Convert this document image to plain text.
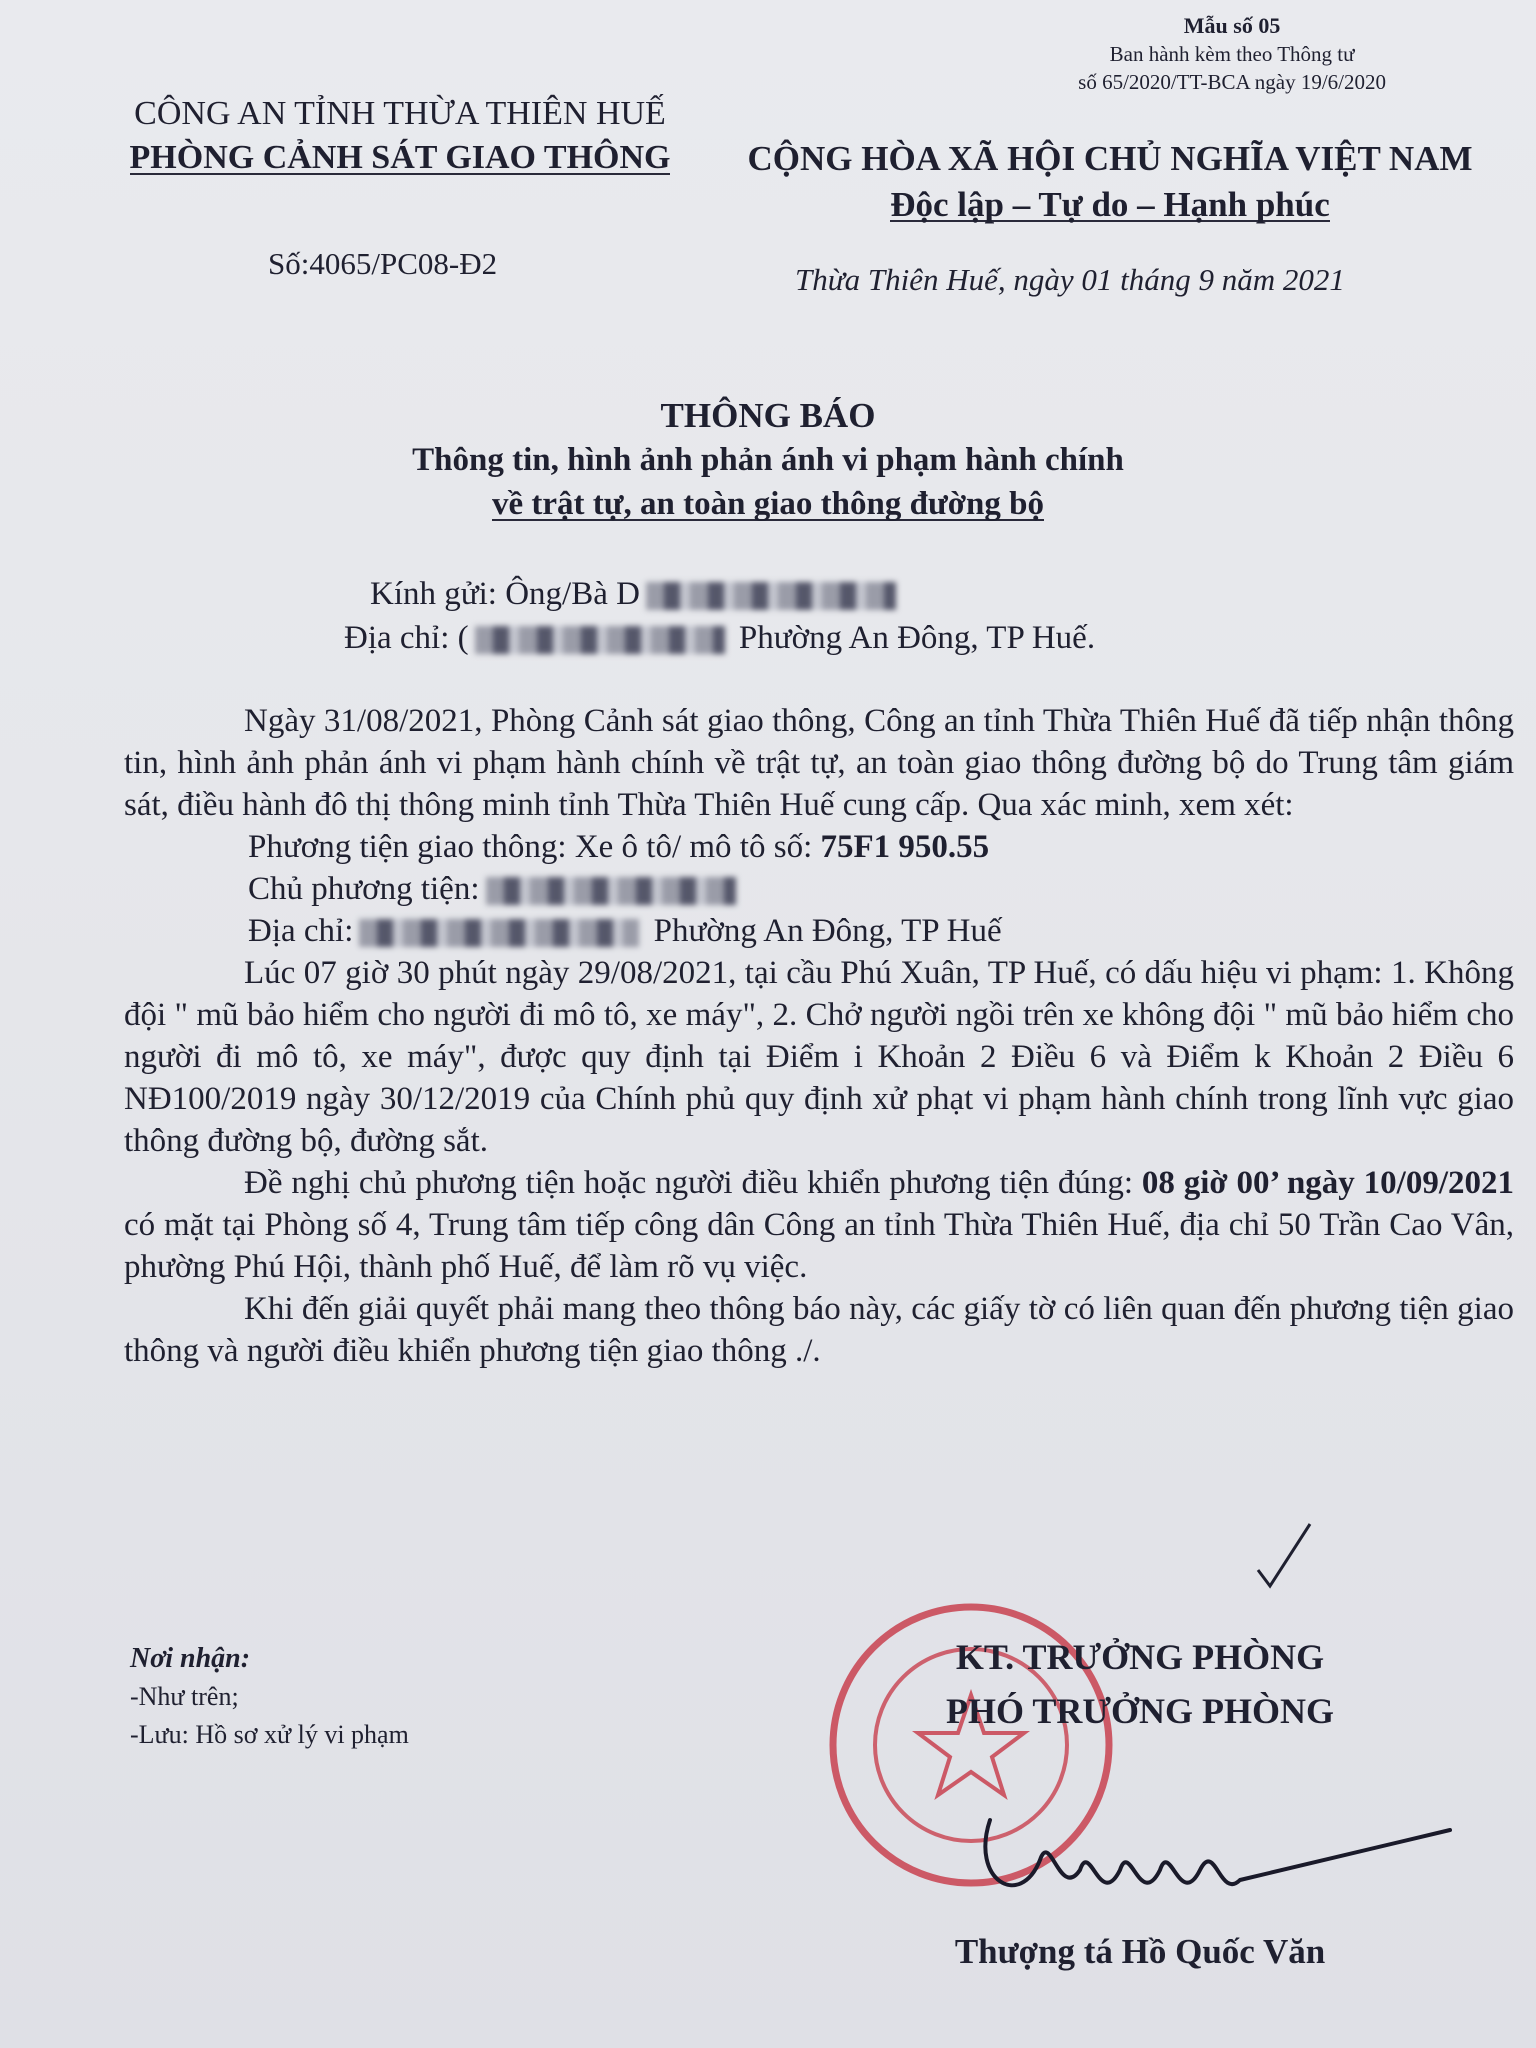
Mẫu số 05
Ban hành kèm theo Thông tư
số 65/2020/TT-BCA ngày 19/6/2020
CÔNG AN TỈNH THỪA THIÊN HUẾ
PHÒNG CẢNH SÁT GIAO THÔNG
Số:4065/PC08-Đ2
CỘNG HÒA XÃ HỘI CHỦ NGHĨA VIỆT NAM
Độc lập – Tự do – Hạnh phúc
Thừa Thiên Huế, ngày 01 tháng 9 năm 2021
THÔNG BÁO
Thông tin, hình ảnh phản ánh vi phạm hành chính
về trật tự, an toàn giao thông đường bộ
Kính gửi: Ông/Bà D
Địa chỉ: (	Phường An Đông, TP Huế.

Ngày 31/08/2021, Phòng Cảnh sát giao thông, Công an tỉnh Thừa Thiên Huế đã tiếp nhận thông tin, hình ảnh phản ánh vi phạm hành chính về trật tự, an toàn giao thông đường bộ do Trung tâm giám sát, điều hành đô thị thông minh tỉnh Thừa Thiên Huế cung cấp. Qua xác minh, xem xét:

Phương tiện giao thông: Xe ô tô/ mô tô số: 75F1 950.55

Chủ phương tiện:

Địa chỉ:	Phường An Đông, TP Huế

Lúc 07 giờ 30 phút ngày 29/08/2021, tại cầu Phú Xuân, TP Huế, có dấu hiệu vi phạm: 1. Không đội " mũ bảo hiểm cho người đi mô tô, xe máy", 2. Chở người ngồi trên xe không đội " mũ bảo hiểm cho người đi mô tô, xe máy", được quy định tại Điểm i Khoản 2 Điều 6 và Điểm k Khoản 2 Điều 6 NĐ100/2019 ngày 30/12/2019 của Chính phủ quy định xử phạt vi phạm hành chính trong lĩnh vực giao thông đường bộ, đường sắt.

Đề nghị chủ phương tiện hoặc người điều khiển phương tiện đúng: 08 giờ 00’ ngày 10/09/2021 có mặt tại Phòng số 4, Trung tâm tiếp công dân Công an tỉnh Thừa Thiên Huế, địa chỉ 50 Trần Cao Vân, phường Phú Hội, thành phố Huế, để làm rõ vụ việc.

Khi đến giải quyết phải mang theo thông báo này, các giấy tờ có liên quan đến phương tiện giao thông và người điều khiển phương tiện giao thông ./.

Nơi nhận:
-Như trên;
-Lưu: Hồ sơ xử lý vi phạm
KT. TRƯỞNG PHÒNG
PHÓ TRƯỞNG PHÒNG
Thượng tá Hồ Quốc Văn
